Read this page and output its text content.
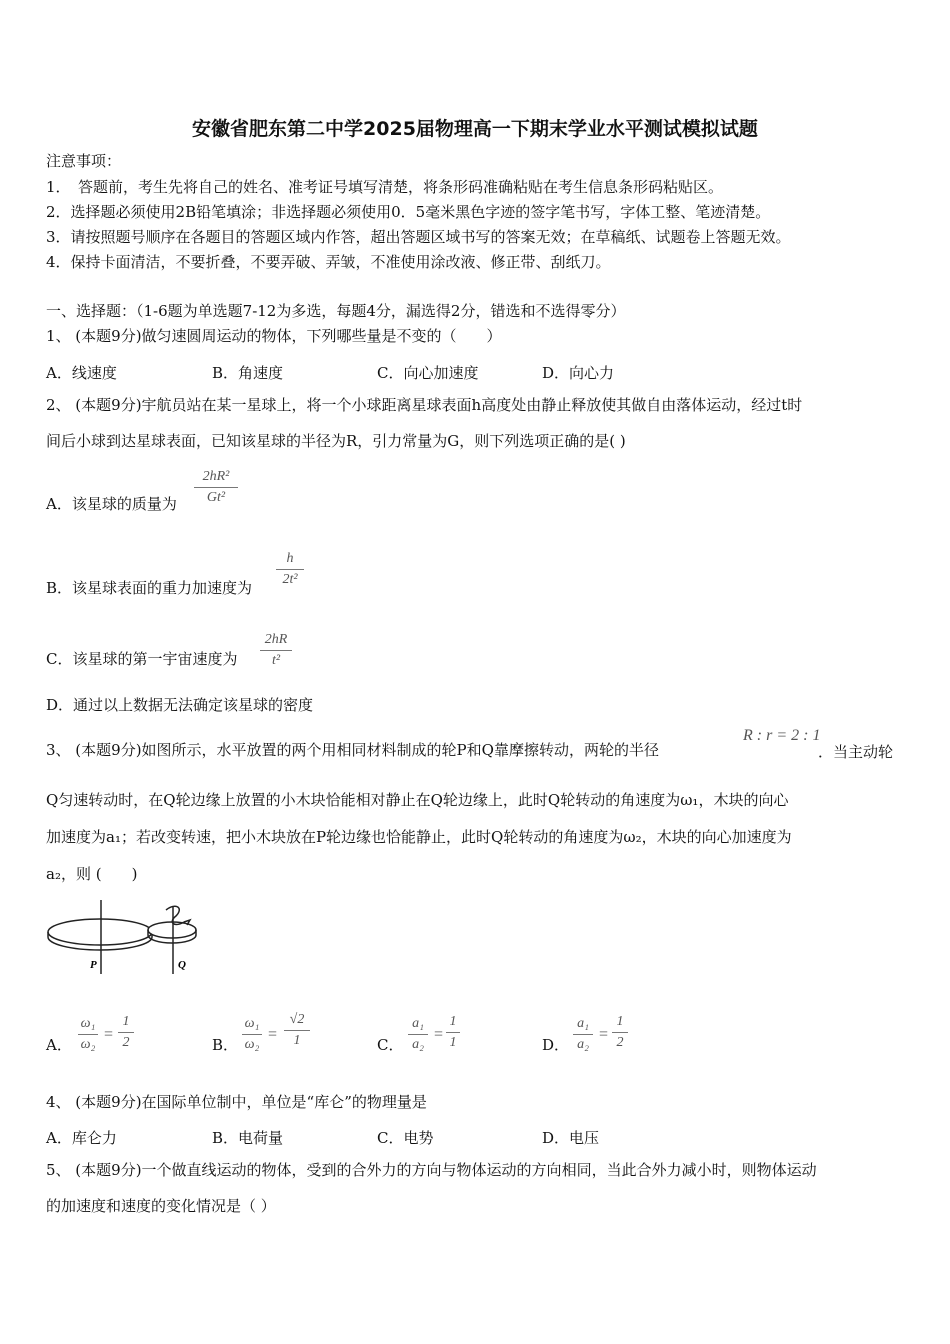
安徽省肥东第二中学2025届物理高一下期末学业水平测试模拟试题
注意事项：
1．　答题前，考生先将自己的姓名、准考证号填写清楚，将条形码准确粘贴在考生信息条形码粘贴区。
2．选择题必须使用2B铅笔填涂；非选择题必须使用0．5毫米黑色字迹的签字笔书写，字体工整、笔迹清楚。
3．请按照题号顺序在各题目的答题区域内作答，超出答题区域书写的答案无效；在草稿纸、试题卷上答题无效。
4．保持卡面清洁，不要折叠，不要弄破、弄皱，不准使用涂改液、修正带、刮纸刀。
一、选择题：（1-6题为单选题7-12为多选，每题4分，漏选得2分，错选和不选得零分）
1、 (本题9分)做匀速圆周运动的物体，下列哪些量是不变的（　　）
A．线速度	B．角速度	C．向心加速度	D．向心力
2、 (本题9分)宇航员站在某一星球上，将一个小球距离星球表面h高度处由静止释放使其做自由落体运动，经过t时
间后小球到达星球表面，已知该星球的半径为R，引力常量为G，则下列选项正确的是( )
A．该星球的质量为
2hR²
Gt²
B．该星球表面的重力加速度为
h
2t²
C．该星球的第一宇宙速度为
2hR
t²
D．通过以上数据无法确定该星球的密度
3、 (本题9分)如图所示，水平放置的两个用相同材料制成的轮P和Q靠摩擦转动，两轮的半径
R : r = 2 : 1
．当主动轮
Q匀速转动时，在Q轮边缘上放置的小木块恰能相对静止在Q轮边缘上，此时Q轮转动的角速度为ω₁，木块的向心
加速度为a₁；若改变转速，把小木块放在P轮边缘也恰能静止，此时Q轮转动的角速度为ω₂，木块的向心加速度为
a₂，则 (　　)
P	Q
A．
ω₁
ω₂
=
1
2	B．
ω₁
ω₂
=
√2
1	C．
a₁
a₂
=
1
1	D．
a₁
a₂
=
1
2
4、 (本题9分)在国际单位制中，单位是“库仑”的物理量是
A．库仑力	B．电荷量	C．电势	D．电压
5、 (本题9分)一个做直线运动的物体，受到的合外力的方向与物体运动的方向相同，当此合外力减小时，则物体运动
的加速度和速度的变化情况是（ ）
